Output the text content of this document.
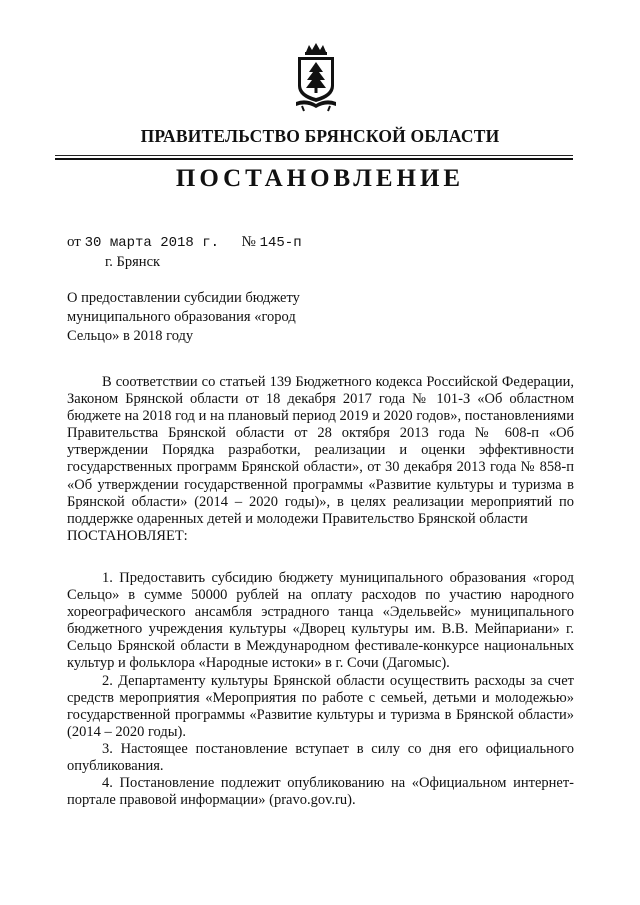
ПРАВИТЕЛЬСТВО БРЯНСКОЙ ОБЛАСТИ
ПОСТАНОВЛЕНИЕ
от 30 марта 2018 г. № 145-п
г. Брянск
О предоставлении субсидии бюджету
муниципального образования «город
Сельцо» в 2018 году

В соответствии со статьей 139 Бюджетного кодекса Российской Федерации, Законом Брянской области от 18 декабря 2017 года № 101-З «Об областном бюджете на 2018 год и на плановый период 2019 и 2020 годов», постановлениями Правительства Брянской области от 28 октября 2013 года № 608-п «Об утверждении Порядка разработки, реализации и оценки эффективности государственных программ Брянской области», от 30 декабря 2013 года № 858-п «Об утверждении государственной программы «Развитие культуры и туризма в Брянской области» (2014 – 2020 годы)», в целях реализации мероприятий по поддержке одаренных детей и молодежи Правительство Брянской области

ПОСТАНОВЛЯЕТ:

1. Предоставить субсидию бюджету муниципального образования «город Сельцо» в сумме 50000 рублей на оплату расходов по участию народного хореографического ансамбля эстрадного танца «Эдельвейс» муниципального бюджетного учреждения культуры «Дворец культуры им. В.В. Мейпариани» г. Сельцо Брянской области в Международном фестивале-конкурсе национальных культур и фольклора «Народные истоки» в г. Сочи (Дагомыс).

2. Департаменту культуры Брянской области осуществить расходы за счет средств мероприятия «Мероприятия по работе с семьей, детьми и молодежью» государственной программы «Развитие культуры и туризма в Брянской области» (2014 – 2020 годы).

3. Настоящее постановление вступает в силу со дня его официального опубликования.

4. Постановление подлежит опубликованию на «Официальном интернет-портале правовой информации» (pravo.gov.ru).
